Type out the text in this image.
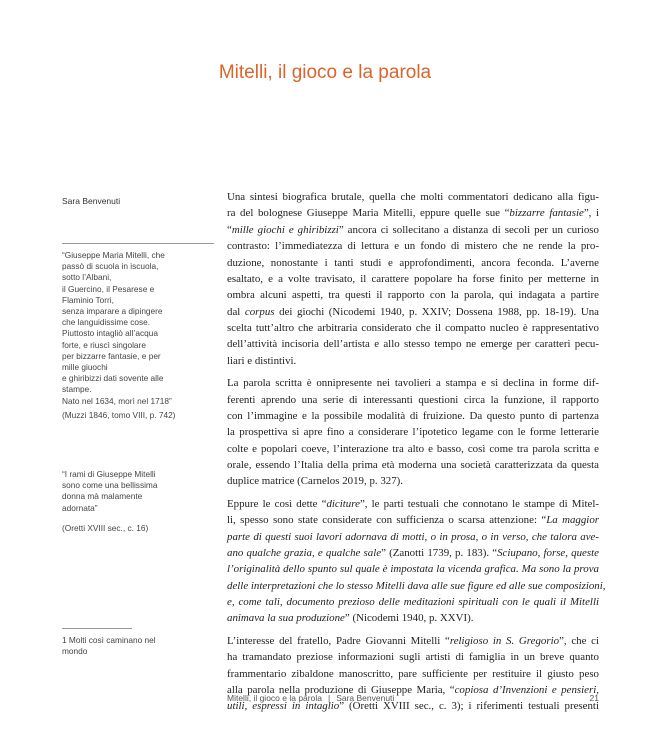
Mitelli, il gioco e la parola
Sara Benvenuti
“Giuseppe Maria Mitelli, che
passò di scuola in iscuola,
sotto l’Albani,
il Guercino, il Pesarese e
Flaminio Torri,
senza imparare a dipingere
che languidissime cose.
Piuttosto intagliò all’acqua
forte, e riuscì singolare
per bizzarre fantasie, e per
mille giuochi
e ghiribizzi dati sovente alle
stampe.
Nato nel 1634, morì nel 1718”
(Muzzi 1846, tomo VIII, p. 742)
“I rami di Giuseppe Mitelli
sono come una bellissima
donna mà malamente
adornata”
(Oretti XVIII sec., c. 16)
1 Molti così caminano nel
mondo
Una sintesi biografica brutale, quella che molti commentatori dedicano alla figu-
ra del bolognese Giuseppe Maria Mitelli, eppure quelle sue “bizzarre fantasie”, i
“mille giochi e ghiribizzi” ancora ci sollecitano a distanza di secoli per un curioso
contrasto: l’immediatezza di lettura e un fondo di mistero che ne rende la pro-
duzione, nonostante i tanti studi e approfondimenti, ancora feconda. L’averne
esaltato, e a volte travisato, il carattere popolare ha forse finito per metterne in
ombra alcuni aspetti, tra questi il rapporto con la parola, qui indagata a partire
dal corpus dei giochi (Nicodemi 1940, p. XXIV; Dossena 1988, pp. 18-19). Una
scelta tutt’altro che arbitraria considerato che il compatto nucleo è rappresentativo
dell’attività incisoria dell’artista e allo stesso tempo ne emerge per caratteri pecu-
liari e distintivi.
La parola scritta è onnipresente nei tavolieri a stampa e si declina in forme dif-
ferenti aprendo una serie di interessanti questioni circa la funzione, il rapporto
con l’immagine e la possibile modalità di fruizione. Da questo punto di partenza
la prospettiva si apre fino a considerare l’ipotetico legame con le forme letterarie
colte e popolari coeve, l’interazione tra alto e basso, così come tra parola scritta e
orale, essendo l’Italia della prima età moderna una società caratterizzata da questa
duplice matrice (Carnelos 2019, p. 327).
Eppure le così dette “diciture”, le parti testuali che connotano le stampe di Mitel-
li, spesso sono state considerate con sufficienza o scarsa attenzione: “La maggior
parte di questi suoi lavori adornava di motti, o in prosa, o in verso, che talora ave-
ano qualche grazia, e qualche sale” (Zanotti 1739, p. 183). “Sciupano, forse, queste
l’originalità dello spunto sul quale è impostata la vicenda grafica. Ma sono la prova
delle interpretazioni che lo stesso Mitelli dava alle sue figure ed alle sue composizioni,
e, come tali, documento prezioso delle meditazioni spirituali con le quali il Mitelli
animava la sua produzione” (Nicodemi 1940, p. XXVI).
L’interesse del fratello, Padre Giovanni Mitelli “religioso in S. Gregorio”, che ci
ha tramandato preziose informazioni sugli artisti di famiglia in un breve quanto
frammentario zibaldone manoscritto, pare sufficiente per restituire il giusto peso
alla parola nella produzione di Giuseppe Maria, “copiosa d’Invenzioni e pensieri,
utili, espressi in intaglio” (Oretti XVIII sec., c. 3); i riferimenti testuali presenti
Mitelli, il gioco e la parola | Sara Benvenuti	21
